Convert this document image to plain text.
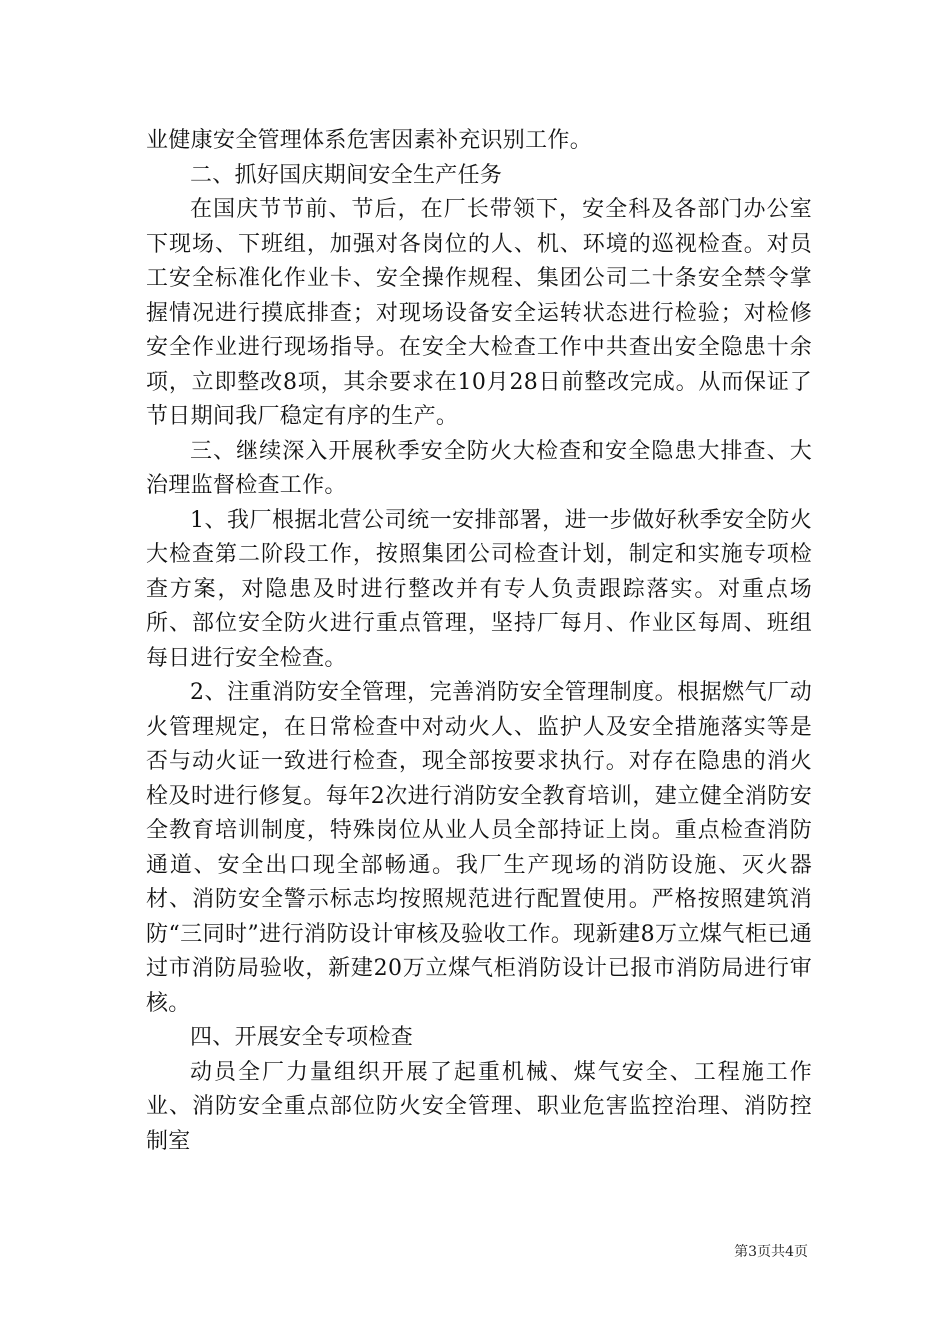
业健康安全管理体系危害因素补充识别工作。

二、抓好国庆期间安全生产任务

在国庆节节前、节后，在厂长带领下，安全科及各部门办公室下现场、下班组，加强对各岗位的人、机、环境的巡视检查。对员工安全标准化作业卡、安全操作规程、集团公司二十条安全禁令掌握情况进行摸底排查；对现场设备安全运转状态进行检验；对检修安全作业进行现场指导。在安全大检查工作中共查出安全隐患十余项，立即整改8项，其余要求在10月28日前整改完成。从而保证了节日期间我厂稳定有序的生产。

三、继续深入开展秋季安全防火大检查和安全隐患大排查、大治理监督检查工作。

1、我厂根据北营公司统一安排部署，进一步做好秋季安全防火大检查第二阶段工作，按照集团公司检查计划，制定和实施专项检查方案，对隐患及时进行整改并有专人负责跟踪落实。对重点场所、部位安全防火进行重点管理，坚持厂每月、作业区每周、班组每日进行安全检查。

2、注重消防安全管理，完善消防安全管理制度。根据燃气厂动火管理规定，在日常检查中对动火人、监护人及安全措施落实等是否与动火证一致进行检查，现全部按要求执行。对存在隐患的消火栓及时进行修复。每年2次进行消防安全教育培训，建立健全消防安全教育培训制度，特殊岗位从业人员全部持证上岗。重点检查消防通道、安全出口现全部畅通。我厂生产现场的消防设施、灭火器材、消防安全警示标志均按照规范进行配置使用。严格按照建筑消防“三同时”进行消防设计审核及验收工作。现新建8万立煤气柜已通过市消防局验收，新建20万立煤气柜消防设计已报市消防局进行审核。

四、开展安全专项检查

动员全厂力量组织开展了起重机械、煤气安全、工程施工作业、消防安全重点部位防火安全管理、职业危害监控治理、消防控制室

第3页共4页
